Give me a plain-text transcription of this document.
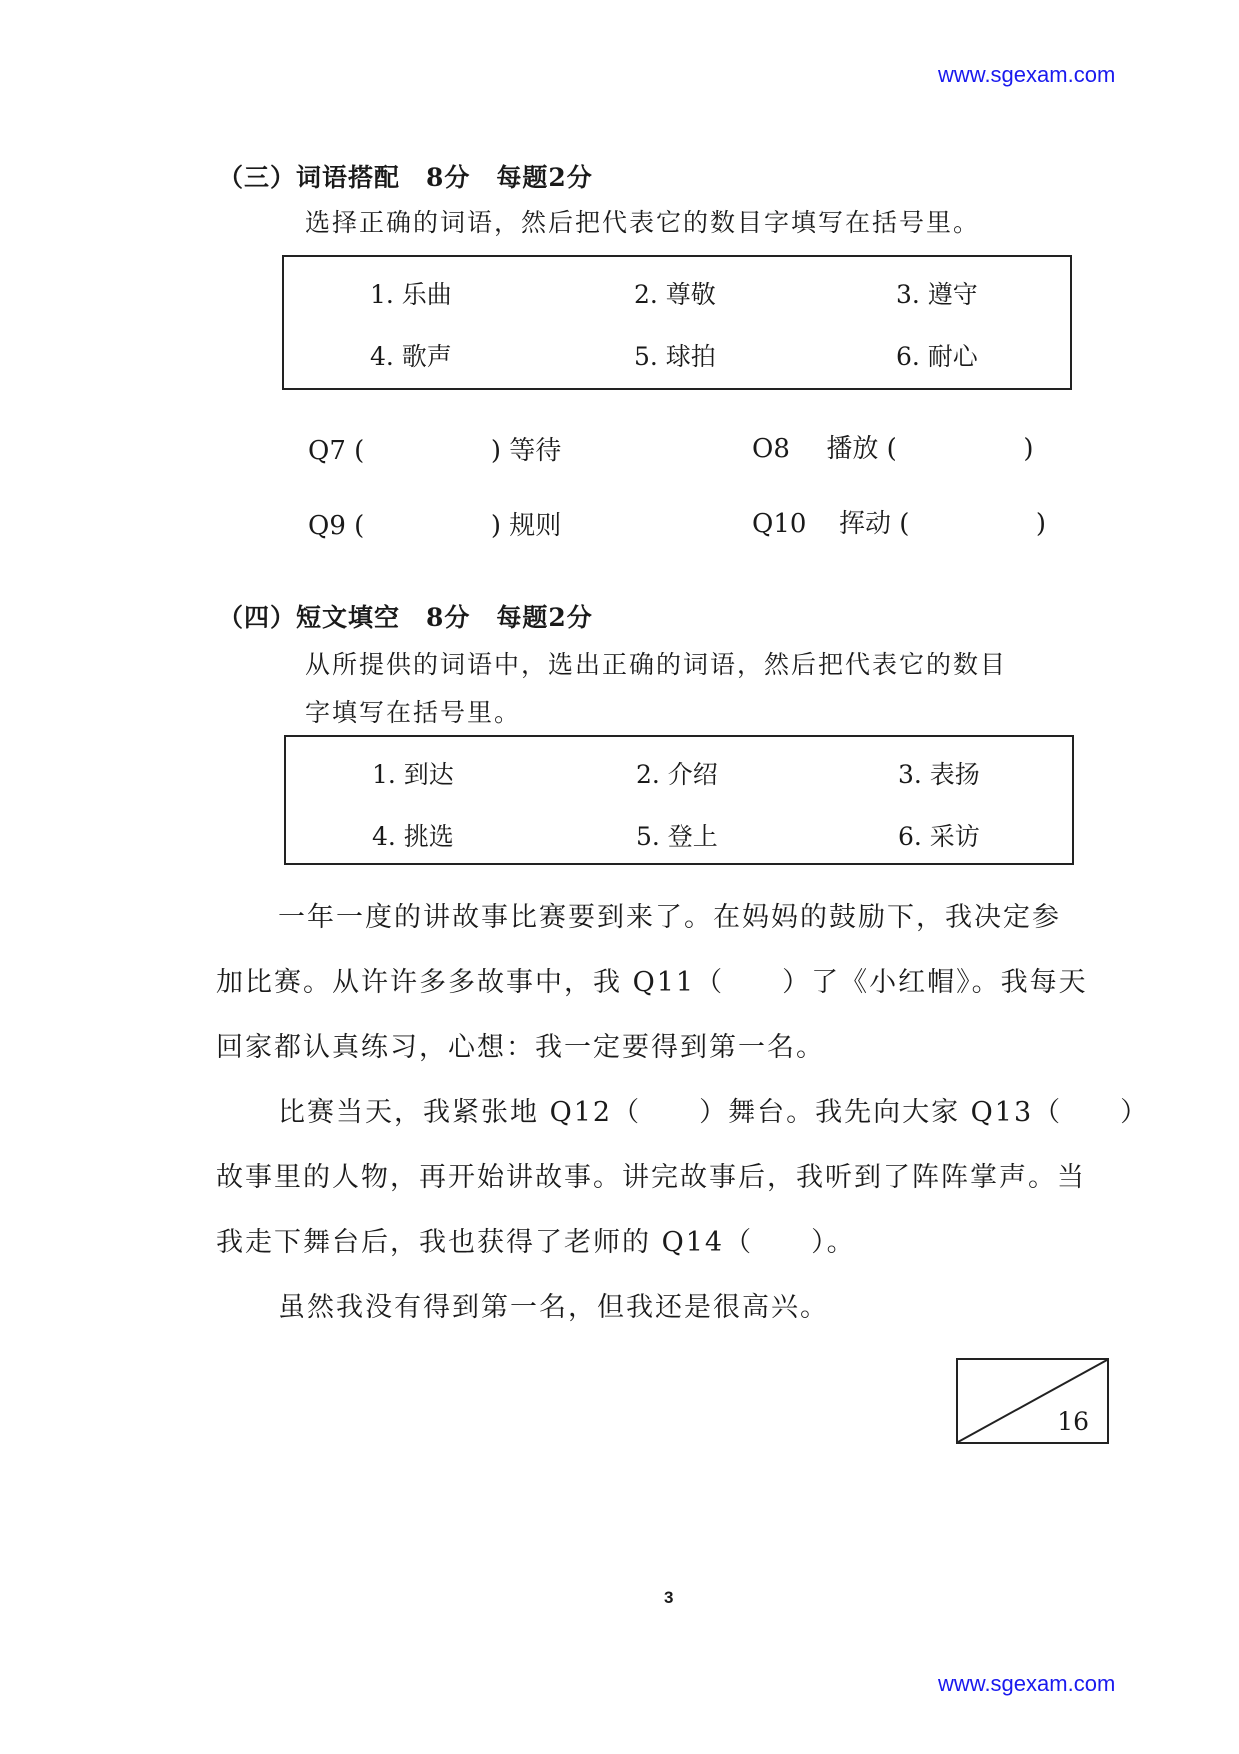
www.sgexam.com
（三）词语搭配　8分　每题2分
选择正确的词语，然后把代表它的数目字填写在括号里。
1. 乐曲	2. 尊敬	3. 遵守
4. 歌声	5. 球拍	6. 耐心
Q7 (	) 等待	O8 播放 (	)
Q9 (	) 规则	Q10 挥动 (	)
（四）短文填空　8分　每题2分
从所提供的词语中，选出正确的词语，然后把代表它的数目
字填写在括号里。
1. 到达	2. 介绍	3. 表扬
4. 挑选	5. 登上	6. 采访
一年一度的讲故事比赛要到来了。在妈妈的鼓励下，我决定参
加比赛。从许许多多故事中，我 Q11（　　）了《小红帽》。我每天
回家都认真练习，心想：我一定要得到第一名。
比赛当天，我紧张地 Q12（　　）舞台。我先向大家 Q13（　　）
故事里的人物，再开始讲故事。讲完故事后，我听到了阵阵掌声。当
我走下舞台后，我也获得了老师的 Q14（　　）。
虽然我没有得到第一名，但我还是很高兴。
16
3
www.sgexam.com
